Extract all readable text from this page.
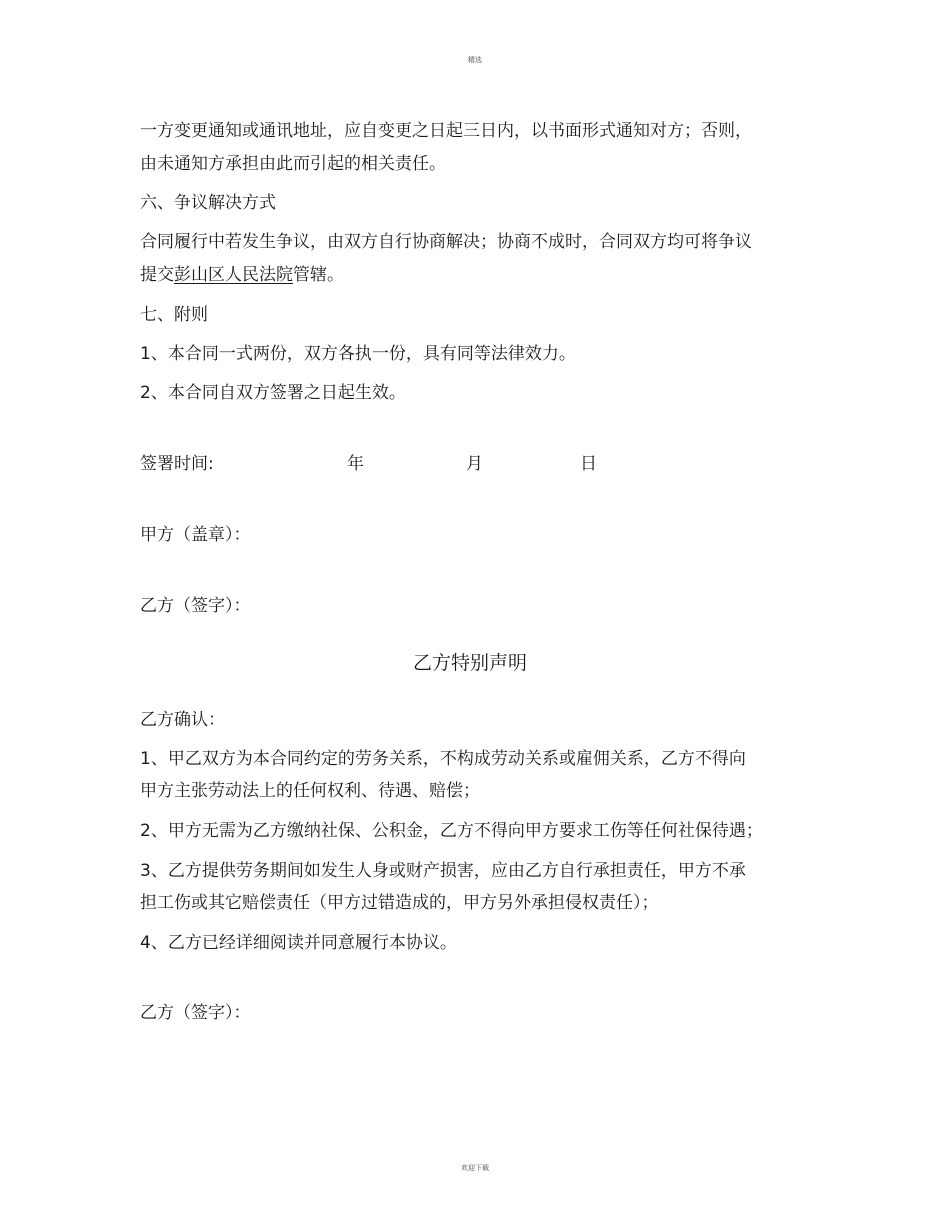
精选
一方变更通知或通讯地址，应自变更之日起三日内，以书面形式通知对方；否则，
由未通知方承担由此而引起的相关责任。
六、争议解决方式
合同履行中若发生争议，由双方自行协商解决；协商不成时，合同双方均可将争议
提交彭山区人民法院管辖。
七、附则
1、本合同一式两份，双方各执一份，具有同等法律效力。
2、本合同自双方签署之日起生效。
签署时间:	年	月	日
甲方（盖章）：
乙方（签字）：
乙方特别声明
乙方确认：
1、甲乙双方为本合同约定的劳务关系，不构成劳动关系或雇佣关系，乙方不得向
甲方主张劳动法上的任何权利、待遇、赔偿；
2、甲方无需为乙方缴纳社保、公积金，乙方不得向甲方要求工伤等任何社保待遇；
3、乙方提供劳务期间如发生人身或财产损害，应由乙方自行承担责任，甲方不承
担工伤或其它赔偿责任（甲方过错造成的，甲方另外承担侵权责任）；
4、乙方已经详细阅读并同意履行本协议。
乙方（签字）：
欢迎下载
